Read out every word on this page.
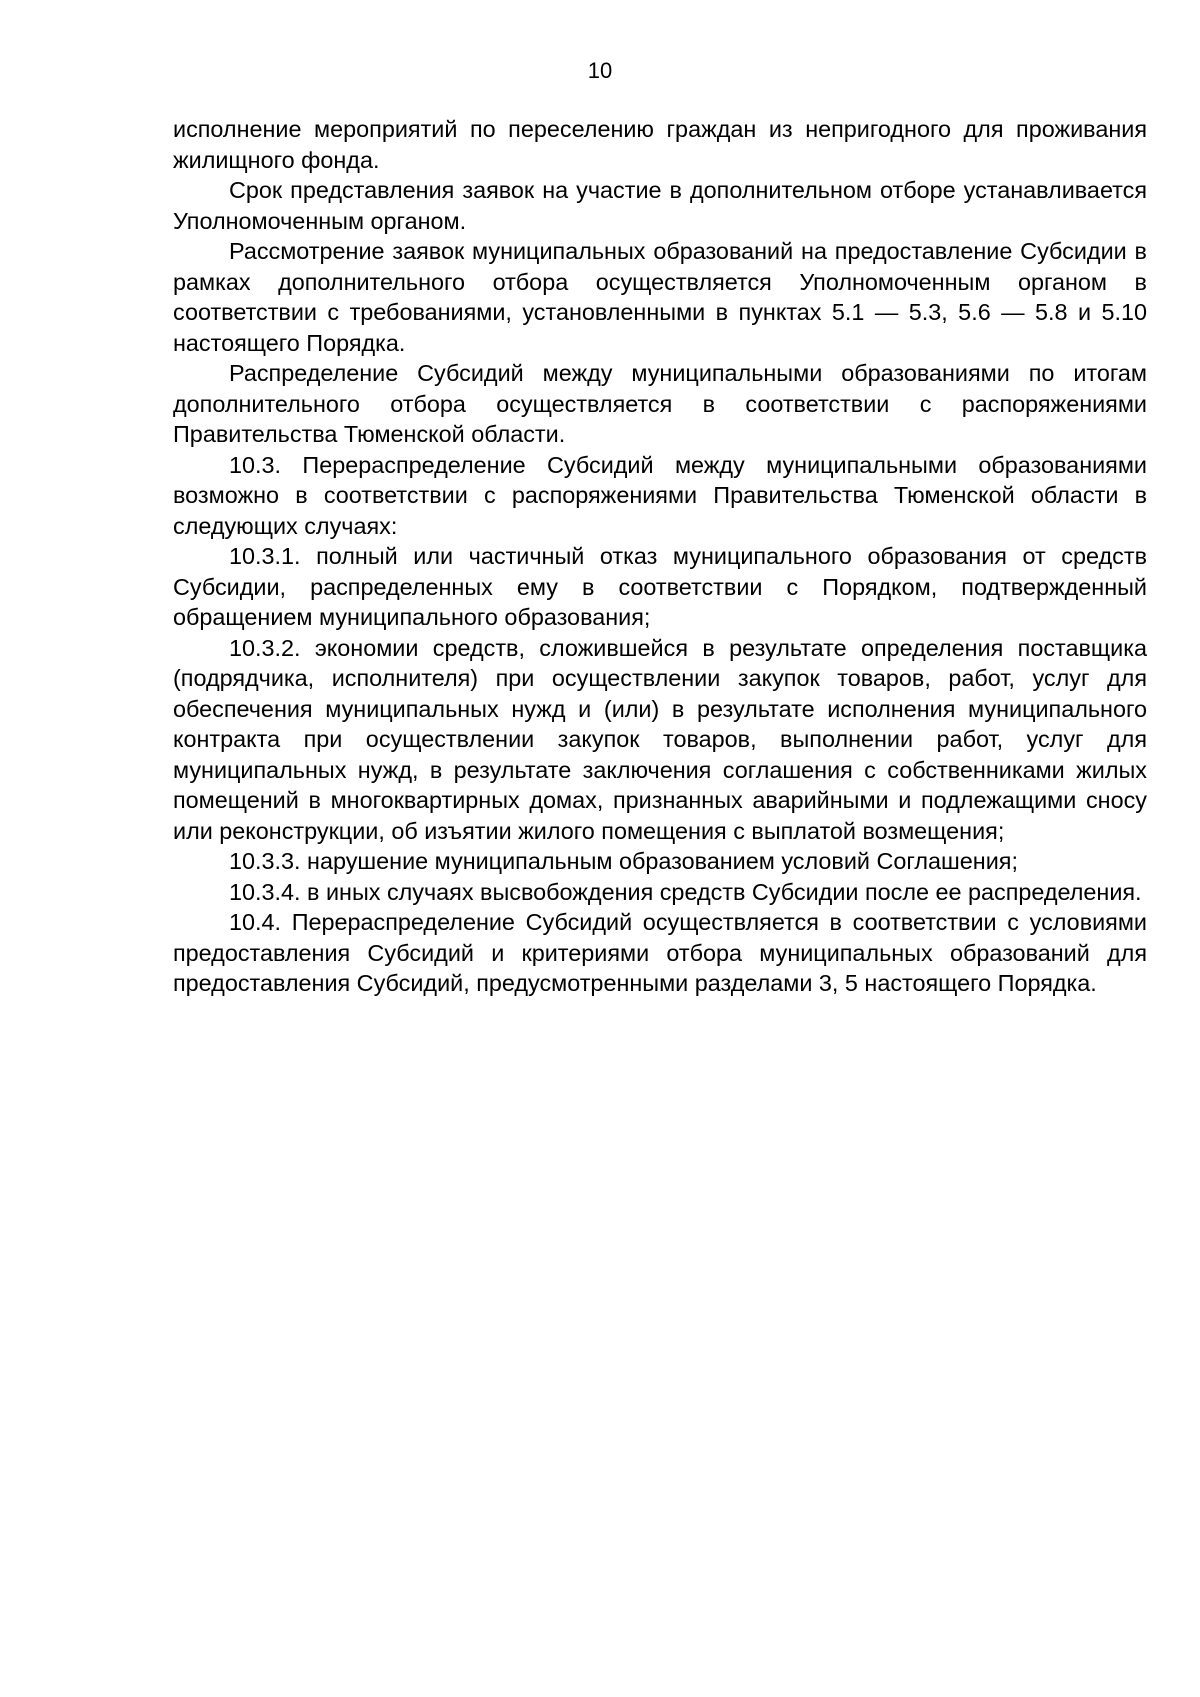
10

исполнение мероприятий по переселению граждан из непригодного для проживания жилищного фонда.

Срок представления заявок на участие в дополнительном отборе устанавливается Уполномоченным органом.

Рассмотрение заявок муниципальных образований на предоставление Субсидии в рамках дополнительного отбора осуществляется Уполномоченным органом в соответствии с требованиями, установленными в пунктах 5.1 — 5.3, 5.6 — 5.8 и 5.10 настоящего Порядка.

Распределение Субсидий между муниципальными образованиями по итогам дополнительного отбора осуществляется в соответствии с распоряжениями Правительства Тюменской области.

10.3. Перераспределение Субсидий между муниципальными образованиями возможно в соответствии с распоряжениями Правительства Тюменской области в следующих случаях:

10.3.1. полный или частичный отказ муниципального образования от средств Субсидии, распределенных ему в соответствии с Порядком, подтвержденный обращением муниципального образования;

10.3.2. экономии средств, сложившейся в результате определения поставщика (подрядчика, исполнителя) при осуществлении закупок товаров, работ, услуг для обеспечения муниципальных нужд и (или) в результате исполнения муниципального контракта при осуществлении закупок товаров, выполнении работ, услуг для муниципальных нужд, в результате заключения соглашения с собственниками жилых помещений в многоквартирных домах, признанных аварийными и подлежащими сносу или реконструкции, об изъятии жилого помещения с выплатой возмещения;

10.3.3. нарушение муниципальным образованием условий Соглашения;

10.3.4. в иных случаях высвобождения средств Субсидии после ее распределения.

10.4. Перераспределение Субсидий осуществляется в соответствии с условиями предоставления Субсидий и критериями отбора муниципальных образований для предоставления Субсидий, предусмотренными разделами 3, 5 настоящего Порядка.
